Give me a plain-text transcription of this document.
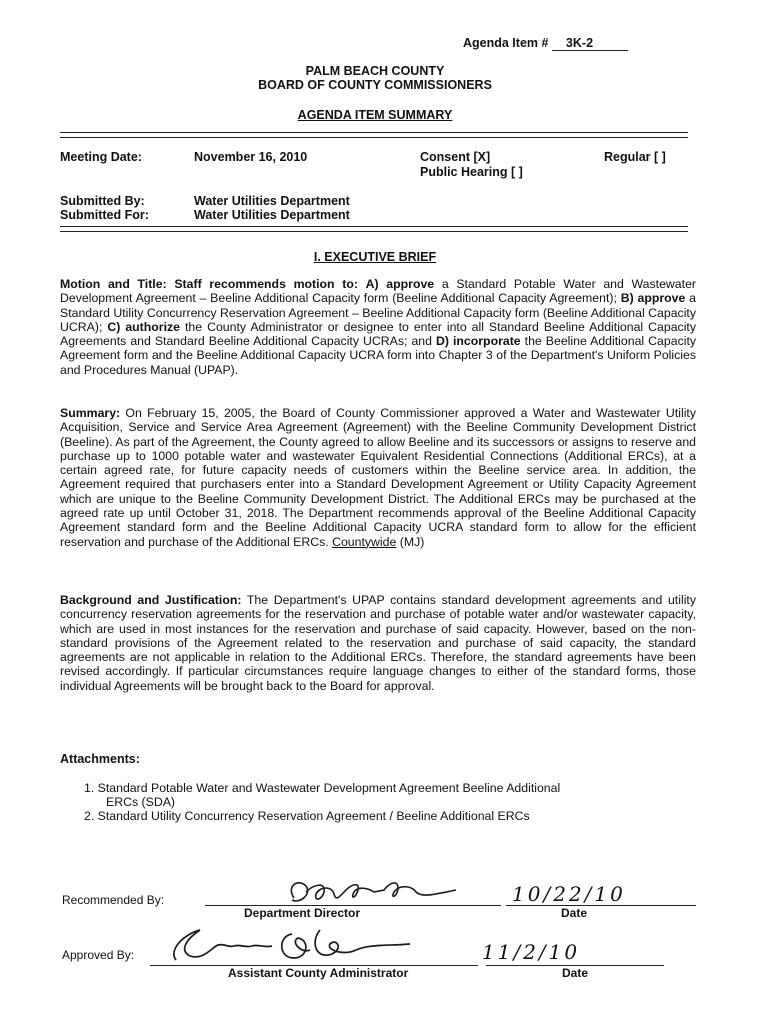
Agenda Item # 3K-2
PALM BEACH COUNTY
BOARD OF COUNTY COMMISSIONERS
AGENDA ITEM SUMMARY
Meeting Date:	November 16, 2010	Consent [X]	Regular [ ]
Public Hearing [ ]
Submitted By:	Water Utilities Department
Submitted For:	Water Utilities Department
I. EXECUTIVE BRIEF

Motion and Title: Staff recommends motion to: A) approve a Standard Potable Water and Wastewater Development Agreement – Beeline Additional Capacity form (Beeline Additional Capacity Agreement); B) approve a Standard Utility Concurrency Reservation Agreement – Beeline Additional Capacity form (Beeline Additional Capacity UCRA); C) authorize the County Administrator or designee to enter into all Standard Beeline Additional Capacity Agreements and Standard Beeline Additional Capacity UCRAs; and D) incorporate the Beeline Additional Capacity Agreement form and the Beeline Additional Capacity UCRA form into Chapter 3 of the Department's Uniform Policies and Procedures Manual (UPAP).

Summary: On February 15, 2005, the Board of County Commissioner approved a Water and Wastewater Utility Acquisition, Service and Service Area Agreement (Agreement) with the Beeline Community Development District (Beeline). As part of the Agreement, the County agreed to allow Beeline and its successors or assigns to reserve and purchase up to 1000 potable water and wastewater Equivalent Residential Connections (Additional ERCs), at a certain agreed rate, for future capacity needs of customers within the Beeline service area. In addition, the Agreement required that purchasers enter into a Standard Development Agreement or Utility Capacity Agreement which are unique to the Beeline Community Development District. The Additional ERCs may be purchased at the agreed rate up until October 31, 2018. The Department recommends approval of the Beeline Additional Capacity Agreement standard form and the Beeline Additional Capacity UCRA standard form to allow for the efficient reservation and purchase of the Additional ERCs. Countywide (MJ)

Background and Justification: The Department's UPAP contains standard development agreements and utility concurrency reservation agreements for the reservation and purchase of potable water and/or wastewater capacity, which are used in most instances for the reservation and purchase of said capacity. However, based on the non-standard provisions of the Agreement related to the reservation and purchase of said capacity, the standard agreements are not applicable in relation to the Additional ERCs. Therefore, the standard agreements have been revised accordingly. If particular circumstances require language changes to either of the standard forms, those individual Agreements will be brought back to the Board for approval.

Attachments:
1. Standard Potable Water and Wastewater Development Agreement Beeline Additional
ERCs (SDA)
2. Standard Utility Concurrency Reservation Agreement / Beeline Additional ERCs
Recommended By:
Department Director
10/22/10
Date
Approved By:
Assistant County Administrator
11/2/10
Date
